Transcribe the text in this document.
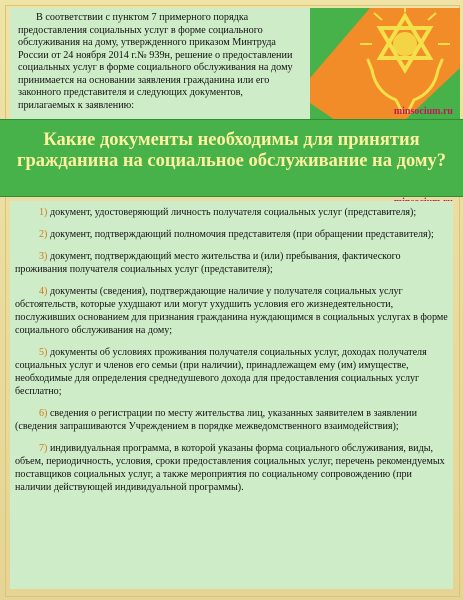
В соответствии с пунктом 7 примерного порядка предоставления социальных услуг в форме социального обслуживания на дому, утвержденного приказом Минтруда России от 24 ноября 2014 г.№ 939н, решение о предоставлении социальных услуг в форме социального обслуживания на дому принимается на основании заявления гражданина или его законного представителя и следующих документов, прилагаемых к заявлению:
minsocium.ru
Какие документы необходимы для принятия гражданина на социальное обслуживание на дому?
1) документ, удостоверяющий личность получателя социальных услуг (представителя);
2) документ, подтверждающий полномочия представителя (при обращении представителя);
3) документ, подтверждающий место жительства и (или) пребывания, фактического проживания получателя социальных услуг (представителя);
4) документы (сведения), подтверждающие наличие у получателя социальных услуг обстоятельств, которые ухудшают или могут ухудшить условия его жизнедеятельности, послуживших основанием для признания гражданина нуждающимся в социальных услугах в форме социального обслуживания на дому;
5) документы об условиях проживания получателя социальных услуг, доходах получателя социальных услуг и членов его семьи (при наличии), принадлежащем ему (им) имуществе, необходимые для определения среднедушевого дохода для предоставления социальных услуг бесплатно;
6) сведения о регистрации по месту жительства лиц, указанных заявителем в заявлении (сведения запрашиваются Учреждением в порядке межведомственного взаимодействия);
7) индивидуальная программа, в которой указаны форма социального обслуживания, виды, объем, периодичность, условия, сроки предоставления социальных услуг, перечень рекомендуемых поставщиков социальных услуг, а также мероприятия по социальному сопровождению (при наличии действующей индивидуальной программы).
